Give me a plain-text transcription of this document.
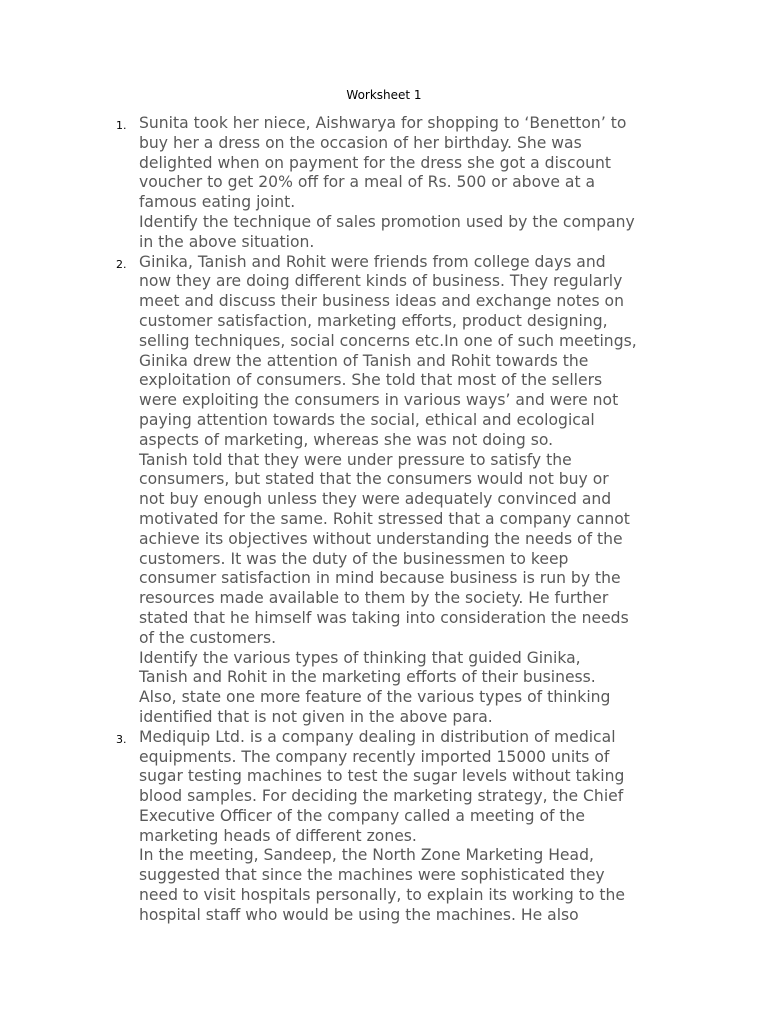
Worksheet 1
1. Sunita took her niece, Aishwarya for shopping to ‘Benetton’ to
buy her a dress on the occasion of her birthday. She was
delighted when on payment for the dress she got a discount
voucher to get 20% off for a meal of Rs. 500 or above at a
famous eating joint.

Identify the technique of sales promotion used by the company
in the above situation.

2. Ginika, Tanish and Rohit were friends from college days and
now they are doing different kinds of business. They regularly
meet and discuss their business ideas and exchange notes on
customer satisfaction, marketing efforts, product designing,
selling techniques, social concerns etc.In one of such meetings,
Ginika drew the attention of Tanish and Rohit towards the
exploitation of consumers. She told that most of the sellers
were exploiting the consumers in various ways’ and were not
paying attention towards the social, ethical and ecological
aspects of marketing, whereas she was not doing so.

Tanish told that they were under pressure to satisfy the
consumers, but stated that the consumers would not buy or
not buy enough unless they were adequately convinced and
motivated for the same. Rohit stressed that a company cannot
achieve its objectives without understanding the needs of the
customers. It was the duty of the businessmen to keep
consumer satisfaction in mind because business is run by the
resources made available to them by the society. He further
stated that he himself was taking into consideration the needs
of the customers.

Identify the various types of thinking that guided Ginika,
Tanish and Rohit in the marketing efforts of their business.
Also, state one more feature of the various types of thinking
identified that is not given in the above para.

3. Mediquip Ltd. is a company dealing in distribution of medical
equipments. The company recently imported 15000 units of
sugar testing machines to test the sugar levels without taking
blood samples. For deciding the marketing strategy, the Chief
Executive Officer of the company called a meeting of the
marketing heads of different zones.

In the meeting, Sandeep, the North Zone Marketing Head,
suggested that since the machines were sophisticated they
need to visit hospitals personally, to explain its working to the
hospital staff who would be using the machines. He also
